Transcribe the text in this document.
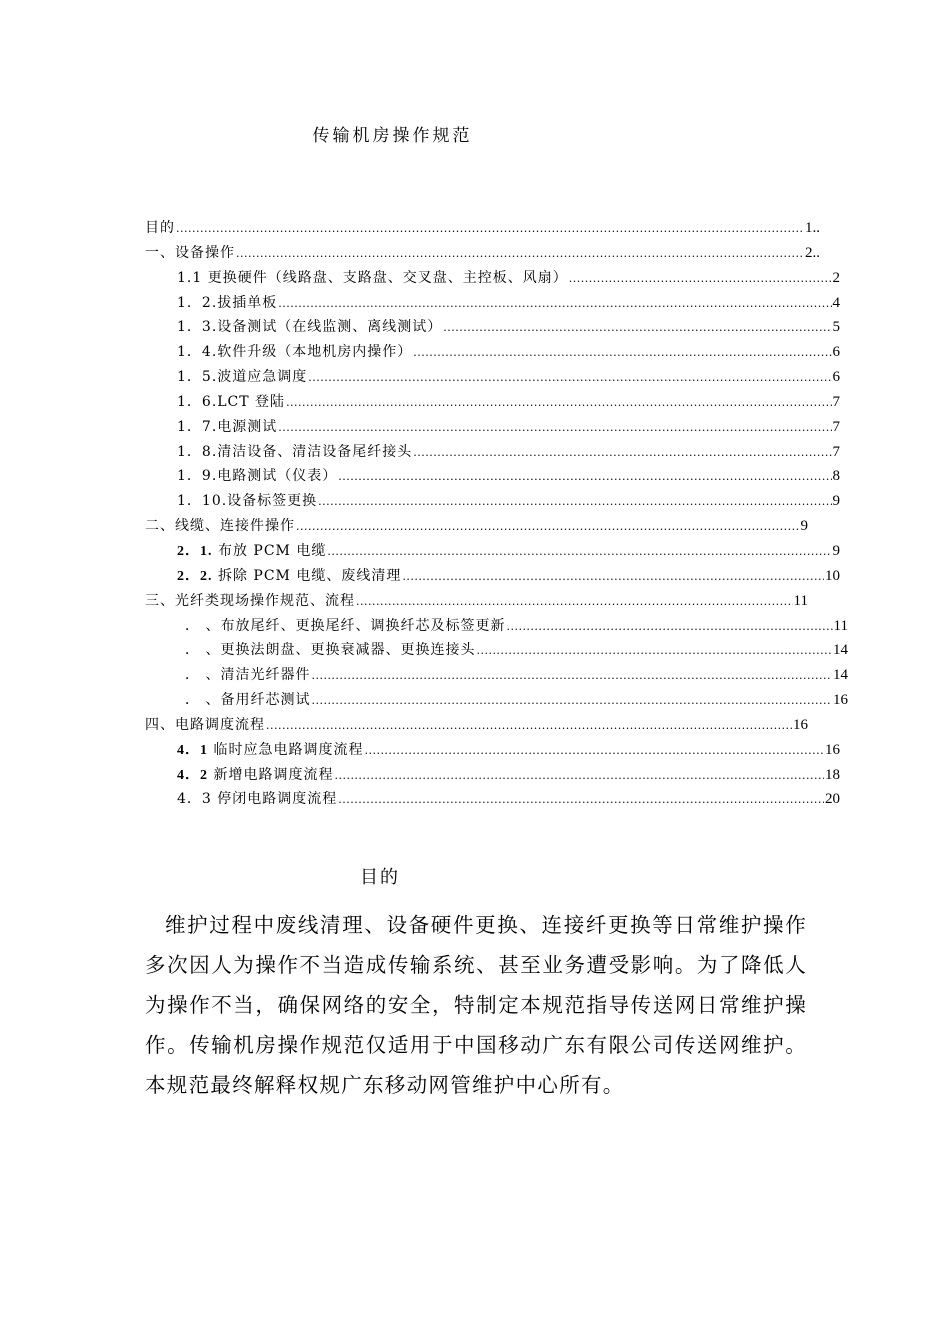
传输机房操作规范
目的 .....	1..
一、设备操作 .....	2..
1.1 更换硬件（线路盘、支路盘、交叉盘、主控板、风扇） .....	2
1．2.拔插单板 .....	4
1．3.设备测试（在线监测、离线测试） .....	5
1．4.软件升级（本地机房内操作） .....	6
1．5.波道应急调度 .....	6
1．6.LCT 登陆 .....	7
1．7.电源测试 .....	7
1．8.清洁设备、清洁设备尾纤接头 .....	7
1．9.电路测试（仪表） .....	8
1．10.设备标签更换 .....	9
二、线缆、连接件操作 .....	9
2．1. 布放 PCM 电缆 .....	9
2．2. 拆除 PCM 电缆、废线清理 .....	10
三、光纤类现场操作规范、流程 .....	11
． 、布放尾纤、更换尾纤、调换纤芯及标签更新 .....	11
． 、更换法朗盘、更换衰减器、更换连接头 .....	14
． 、清洁光纤器件 .....	14
． 、备用纤芯测试 .....	16
四、电路调度流程 .....	16
4．1 临时应急电路调度流程 .....	16
4．2 新增电路调度流程 .....	18
4．3 停闭电路调度流程 .....	20
目的

维护过程中废线清理、设备硬件更换、连接纤更换等日常维护操作多次因人为操作不当造成传输系统、甚至业务遭受影响。为了降低人为操作不当，确保网络的安全，特制定本规范指导传送网日常维护操作。传输机房操作规范仅适用于中国移动广东有限公司传送网维护。本规范最终解释权规广东移动网管维护中心所有。
